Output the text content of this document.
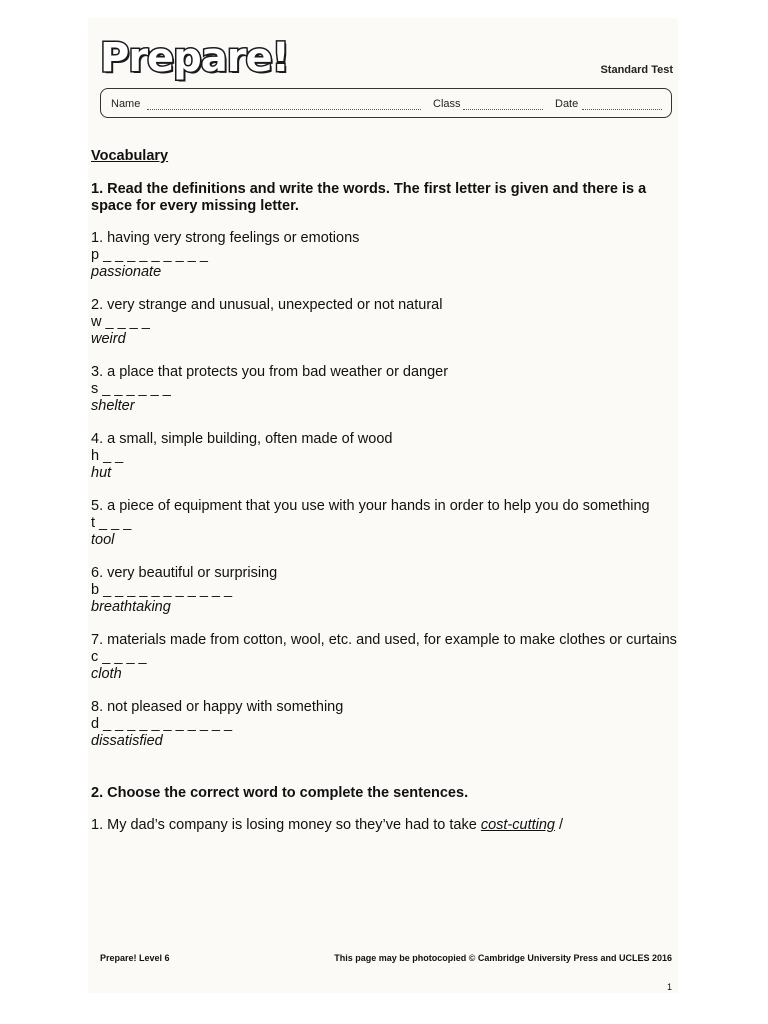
Prepare!	Standard Test
Name	Class	Date

Vocabulary

1. Read the definitions and write the words. The first letter is given and there is a space for every missing letter.

1. having very strong feelings or emotions

p _ _ _ _ _ _ _ _ _

passionate

2. very strange and unusual, unexpected or not natural

w _ _ _ _

weird

3. a place that protects you from bad weather or danger

s _ _ _ _ _ _

shelter

4. a small, simple building, often made of wood

h _ _

hut

5. a piece of equipment that you use with your hands in order to help you do something

t _ _ _

tool

6. very beautiful or surprising

b _ _ _ _ _ _ _ _ _ _ _

breathtaking

7. materials made from cotton, wool, etc. and used, for example to make clothes or curtains

c _ _ _ _

cloth

8. not pleased or happy with something

d _ _ _ _ _ _ _ _ _ _ _

dissatisfied

2. Choose the correct word to complete the sentences.

1. My dad’s company is losing money so they’ve had to take cost-cutting /

Prepare! Level 6	This page may be photocopied © Cambridge University Press and UCLES 2016
1
